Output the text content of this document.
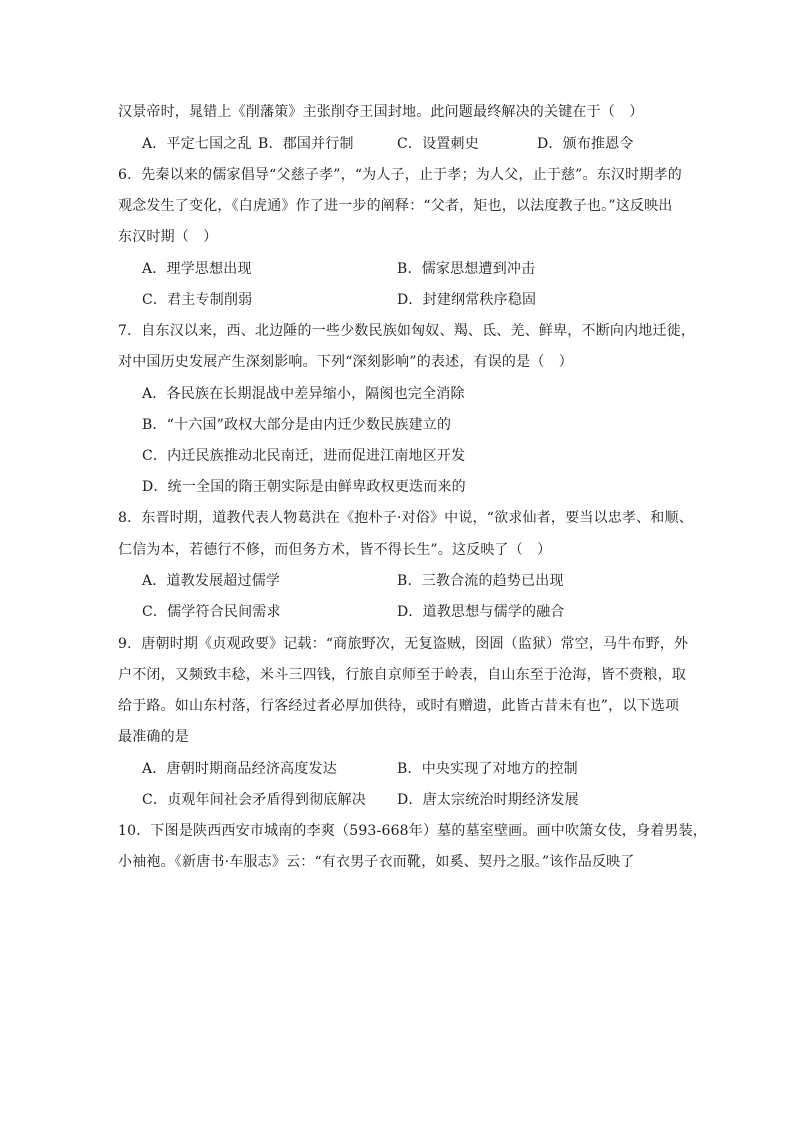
汉景帝时，晁错上《削藩策》主张削夺王国封地。此问题最终解决的关键在于（　）
A．平定七国之乱 B．郡国并行制	C．设置刺史	D．颁布推恩令
6．先秦以来的儒家倡导“父慈子孝”，“为人子，止于孝；为人父，止于慈”。东汉时期孝的
观念发生了变化，《白虎通》作了进一步的阐释：“父者，矩也，以法度教子也。”这反映出
东汉时期（　）
A．理学思想出现	B．儒家思想遭到冲击
C．君主专制削弱	D．封建纲常秩序稳固
7．自东汉以来，西、北边陲的一些少数民族如匈奴、羯、氐、羌、鲜卑，不断向内地迁徙，
对中国历史发展产生深刻影响。下列“深刻影响”的表述，有误的是（　）
A．各民族在长期混战中差异缩小，隔阂也完全消除
B．“十六国”政权大部分是由内迁少数民族建立的
C．内迁民族推动北民南迁，进而促进江南地区开发
D．统一全国的隋王朝实际是由鲜卑政权更迭而来的
8．东晋时期，道教代表人物葛洪在《抱朴子·对俗》中说，“欲求仙者，要当以忠孝、和顺、
仁信为本，若德行不修，而但务方术，皆不得长生”。这反映了（　）
A．道教发展超过儒学	B．三教合流的趋势已出现
C．儒学符合民间需求	D．道教思想与儒学的融合
9．唐朝时期《贞观政要》记载：“商旅野次，无复盗贼，囹圄（监狱）常空，马牛布野，外
户不闭，又频致丰稔，米斗三四钱，行旅自京师至于岭表，自山东至于沧海，皆不赍粮，取
给于路。如山东村落，行客经过者必厚加供待，或时有赠遗，此皆古昔未有也”，以下选项
最准确的是
A．唐朝时期商品经济高度发达	B．中央实现了对地方的控制
C．贞观年间社会矛盾得到彻底解决 D．唐太宗统治时期经济发展
10．下图是陕西西安市城南的李爽（593-668年）墓的墓室壁画。画中吹箫女伎，身着男装，
小袖袍。《新唐书·车服志》云：“有衣男子衣而靴，如奚、契丹之服。”该作品反映了
